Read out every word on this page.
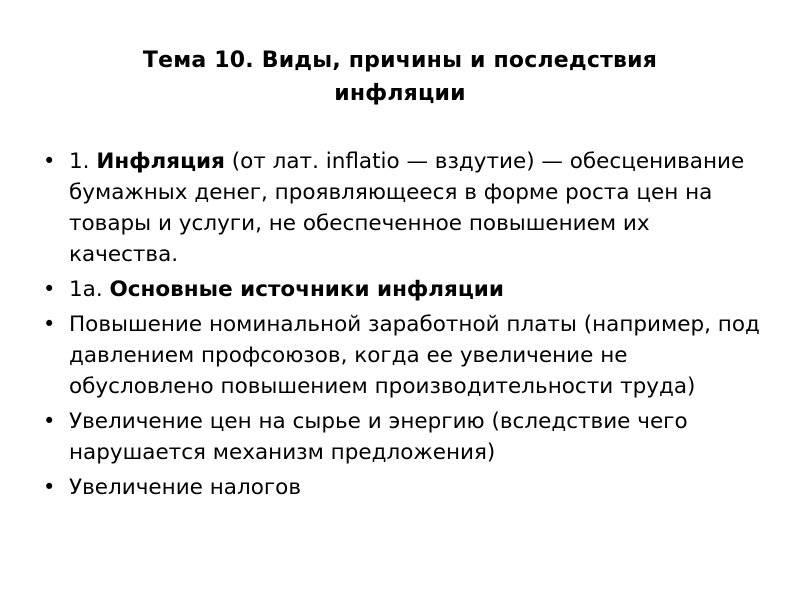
Тема 10. Виды, причины и последствия
инфляции
• 1. Инфляция (от лат. inflatio — вздутие) — обесценивание бумажных денег, проявляющееся в форме роста цен на товары и услуги, не обеспеченное повышением их качества.
• 1а. Основные источники инфляции
• Повышение номинальной заработной платы (например, под давлением профсоюзов, когда ее увеличение не обусловлено повышением производительности труда)
• Увеличение цен на сырье и энергию (вследствие чего нарушается механизм предложения)
• Увеличение налогов
